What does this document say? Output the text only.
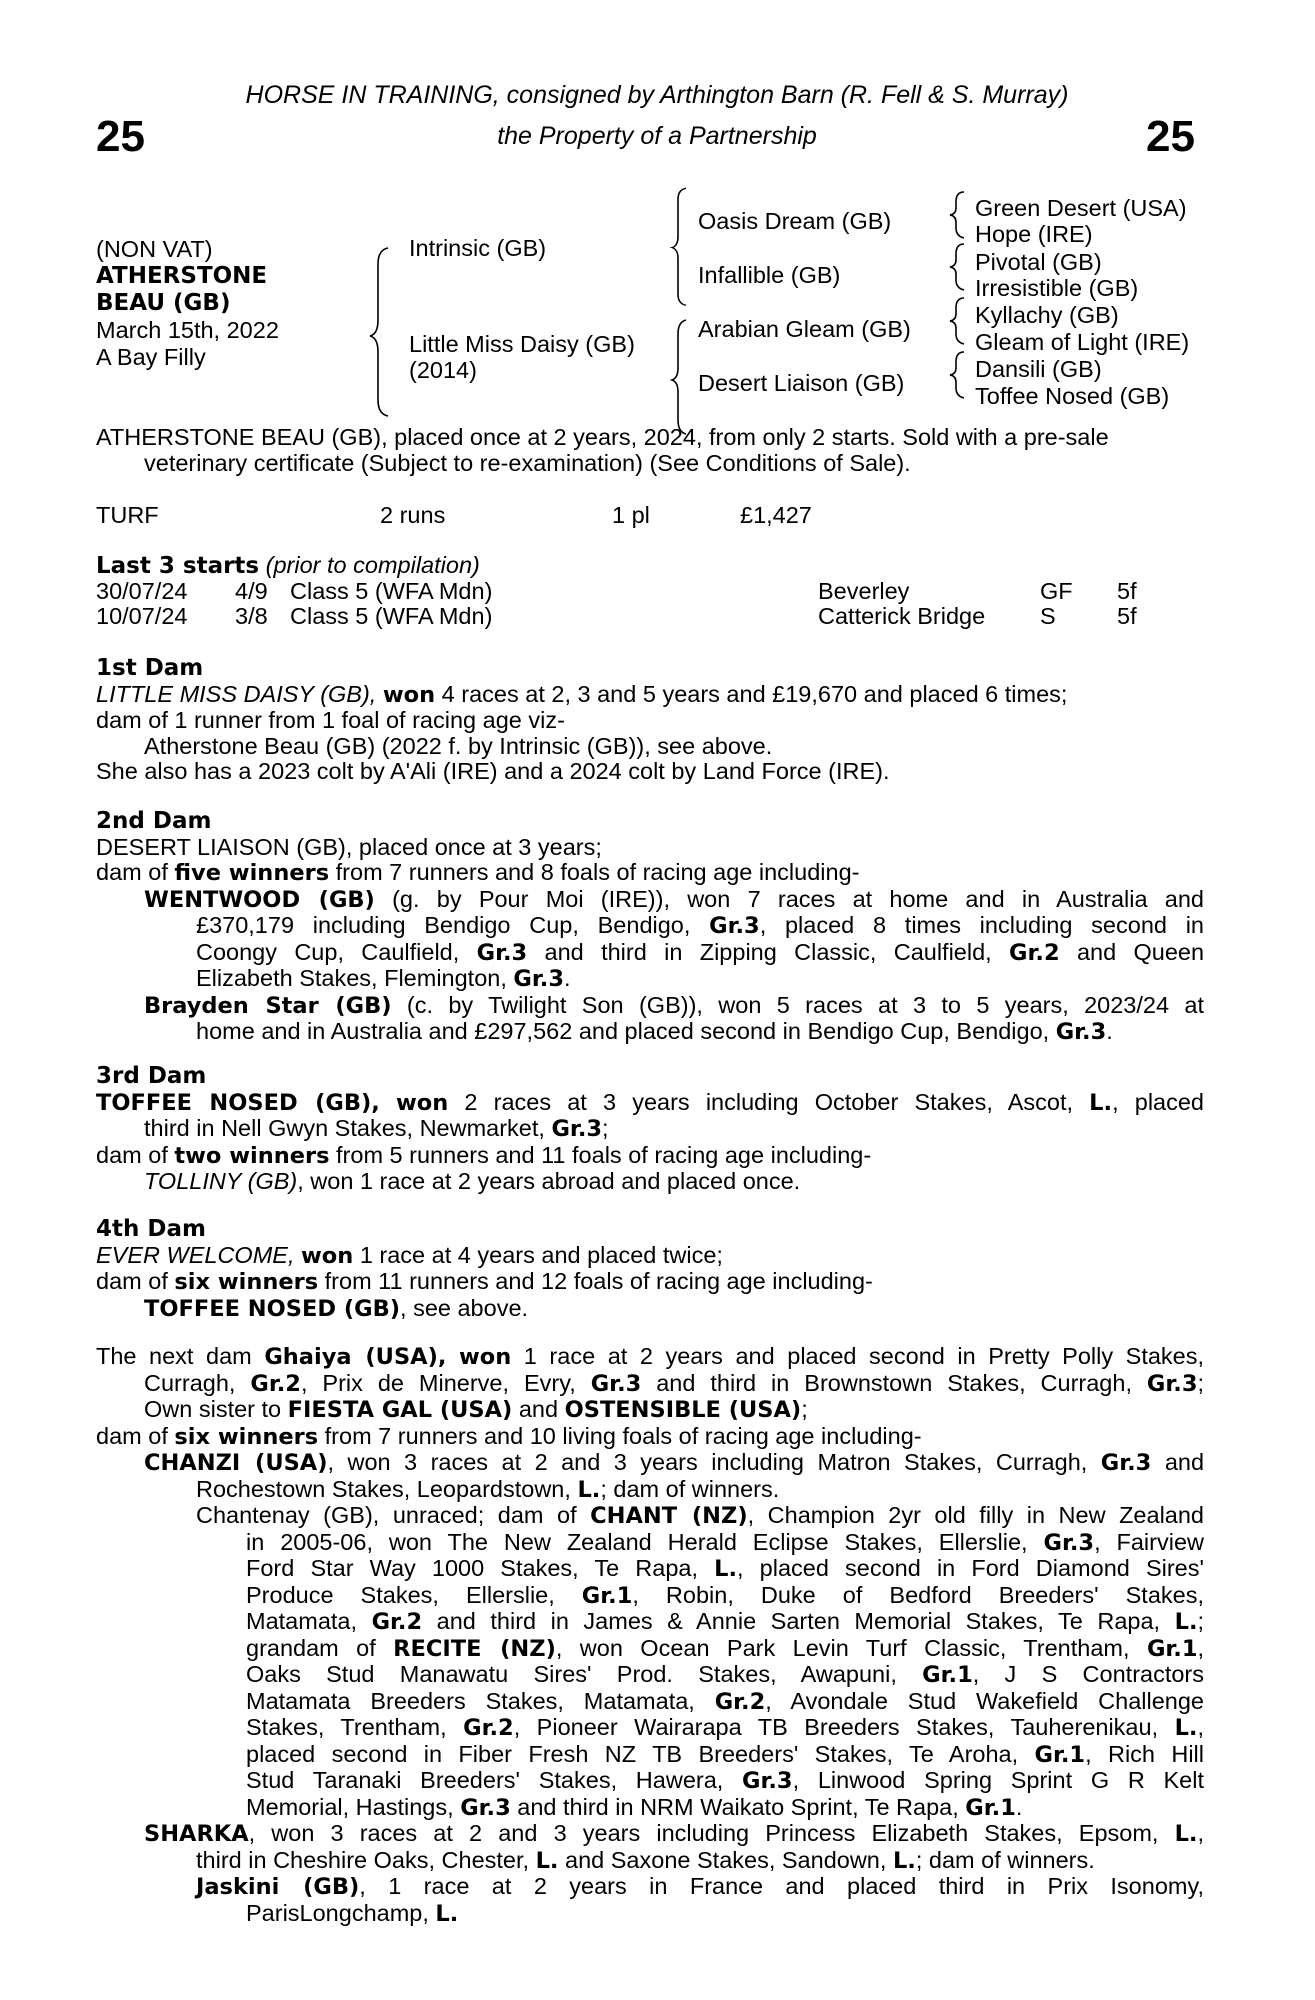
25	25
HORSE IN TRAINING, consigned by Arthington Barn (R. Fell & S. Murray)
the Property of a Partnership
(NON VAT)
ATHERSTONE
BEAU (GB)
March 15th, 2022
A Bay Filly
Intrinsic (GB)
Little Miss Daisy (GB)
(2014)
Oasis Dream (GB)
Infallible (GB)
Arabian Gleam (GB)
Desert Liaison (GB)
Green Desert (USA)
Hope (IRE)
Pivotal (GB)
Irresistible (GB)
Kyllachy (GB)
Gleam of Light (IRE)
Dansili (GB)
Toffee Nosed (GB)
ATHERSTONE BEAU (GB), placed once at 2 years, 2024, from only 2 starts. Sold with a pre-sale
veterinary certificate (Subject to re-examination) (See Conditions of Sale).
TURF	2 runs	1 pl	£1,427
Last 3 starts (prior to compilation)
30/07/24 4/9 Class 5 (WFA Mdn)	Beverley	GF 5f
10/07/24 3/8 Class 5 (WFA Mdn)	Catterick Bridge S	5f
1st Dam
LITTLE MISS DAISY (GB), won 4 races at 2, 3 and 5 years and £19,670 and placed 6 times;
dam of 1 runner from 1 foal of racing age viz-
Atherstone Beau (GB) (2022 f. by Intrinsic (GB)), see above.
She also has a 2023 colt by A'Ali (IRE) and a 2024 colt by Land Force (IRE).
2nd Dam
DESERT LIAISON (GB), placed once at 3 years;
dam of five winners from 7 runners and 8 foals of racing age including-
WENTWOOD (GB) (g. by Pour Moi (IRE)), won 7 races at home and in Australia and
£370,179 including Bendigo Cup, Bendigo, Gr.3, placed 8 times including second in
Coongy Cup, Caulfield, Gr.3 and third in Zipping Classic, Caulfield, Gr.2 and Queen
Elizabeth Stakes, Flemington, Gr.3.
Brayden Star (GB) (c. by Twilight Son (GB)), won 5 races at 3 to 5 years, 2023/24 at
home and in Australia and £297,562 and placed second in Bendigo Cup, Bendigo, Gr.3.
3rd Dam
TOFFEE NOSED (GB), won 2 races at 3 years including October Stakes, Ascot, L., placed
third in Nell Gwyn Stakes, Newmarket, Gr.3;
dam of two winners from 5 runners and 11 foals of racing age including-
TOLLINY (GB), won 1 race at 2 years abroad and placed once.
4th Dam
EVER WELCOME, won 1 race at 4 years and placed twice;
dam of six winners from 11 runners and 12 foals of racing age including-
TOFFEE NOSED (GB), see above.
The next dam Ghaiya (USA), won 1 race at 2 years and placed second in Pretty Polly Stakes,
Curragh, Gr.2, Prix de Minerve, Evry, Gr.3 and third in Brownstown Stakes, Curragh, Gr.3;
Own sister to FIESTA GAL (USA) and OSTENSIBLE (USA);
dam of six winners from 7 runners and 10 living foals of racing age including-
CHANZI (USA), won 3 races at 2 and 3 years including Matron Stakes, Curragh, Gr.3 and
Rochestown Stakes, Leopardstown, L.; dam of winners.
Chantenay (GB), unraced; dam of CHANT (NZ), Champion 2yr old filly in New Zealand
in 2005-06, won The New Zealand Herald Eclipse Stakes, Ellerslie, Gr.3, Fairview
Ford Star Way 1000 Stakes, Te Rapa, L., placed second in Ford Diamond Sires'
Produce Stakes, Ellerslie, Gr.1, Robin, Duke of Bedford Breeders' Stakes,
Matamata, Gr.2 and third in James & Annie Sarten Memorial Stakes, Te Rapa, L.;
grandam of RECITE (NZ), won Ocean Park Levin Turf Classic, Trentham, Gr.1,
Oaks Stud Manawatu Sires' Prod. Stakes, Awapuni, Gr.1, J S Contractors
Matamata Breeders Stakes, Matamata, Gr.2, Avondale Stud Wakefield Challenge
Stakes, Trentham, Gr.2, Pioneer Wairarapa TB Breeders Stakes, Tauherenikau, L.,
placed second in Fiber Fresh NZ TB Breeders' Stakes, Te Aroha, Gr.1, Rich Hill
Stud Taranaki Breeders' Stakes, Hawera, Gr.3, Linwood Spring Sprint G R Kelt
Memorial, Hastings, Gr.3 and third in NRM Waikato Sprint, Te Rapa, Gr.1.
SHARKA, won 3 races at 2 and 3 years including Princess Elizabeth Stakes, Epsom, L.,
third in Cheshire Oaks, Chester, L. and Saxone Stakes, Sandown, L.; dam of winners.
Jaskini (GB), 1 race at 2 years in France and placed third in Prix Isonomy,
ParisLongchamp, L.
